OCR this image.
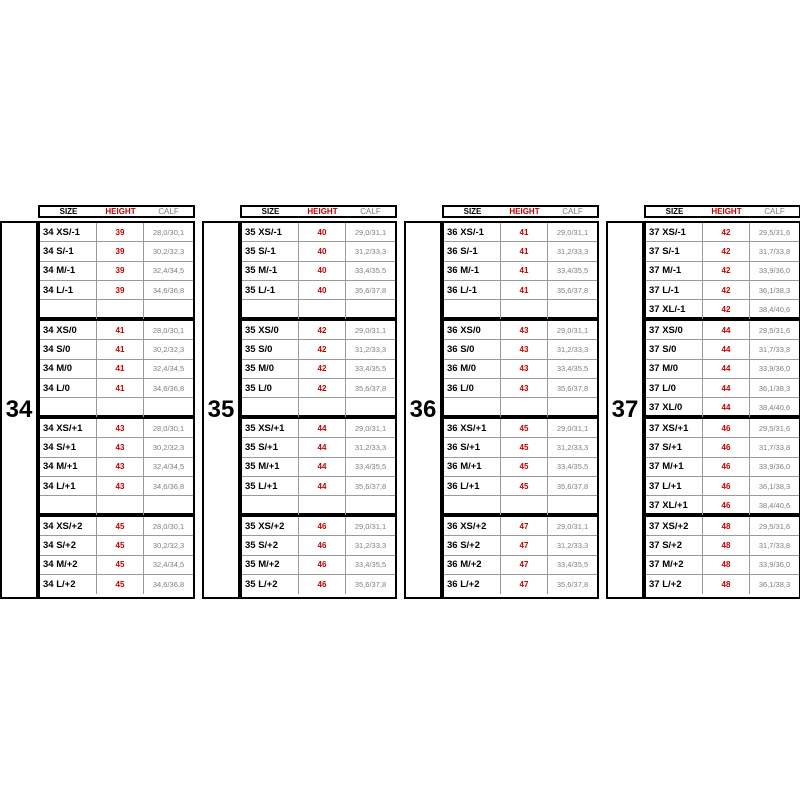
SIZE	HEIGHT	CALF
34
34 XS/-1	39	28,0/30,1
34 S/-1	39	30,2/32,3
34 M/-1	39	32,4/34,5
34 L/-1	39	34,6/36,8
34 XS/0	41	28,0/30,1
34 S/0	41	30,2/32,3
34 M/0	41	32,4/34,5
34 L/0	41	34,6/36,8
34 XS/+1	43	28,0/30,1
34 S/+1	43	30,2/32,3
34 M/+1	43	32,4/34,5
34 L/+1	43	34,6/36,8
34 XS/+2	45	28,0/30,1
34 S/+2	45	30,2/32,3
34 M/+2	45	32,4/34,5
34 L/+2	45	34,6/36,8
SIZE	HEIGHT	CALF
35
35 XS/-1	40	29,0/31,1
35 S/-1	40	31,2/33,3
35 M/-1	40	33,4/35,5
35 L/-1	40	35,6/37,8
35 XS/0	42	29,0/31,1
35 S/0	42	31,2/33,3
35 M/0	42	33,4/35,5
35 L/0	42	35,6/37,8
35 XS/+1	44	29,0/31,1
35 S/+1	44	31,2/33,3
35 M/+1	44	33,4/35,5
35 L/+1	44	35,6/37,8
35 XS/+2	46	29,0/31,1
35 S/+2	46	31,2/33,3
35 M/+2	46	33,4/35,5
35 L/+2	46	35,6/37,8
SIZE	HEIGHT	CALF
36
36 XS/-1	41	29,0/31,1
36 S/-1	41	31,2/33,3
36 M/-1	41	33,4/35,5
36 L/-1	41	35,6/37,8
36 XS/0	43	29,0/31,1
36 S/0	43	31,2/33,3
36 M/0	43	33,4/35,5
36 L/0	43	35,6/37,8
36 XS/+1	45	29,0/31,1
36 S/+1	45	31,2/33,3
36 M/+1	45	33,4/35,5
36 L/+1	45	35,6/37,8
36 XS/+2	47	29,0/31,1
36 S/+2	47	31,2/33,3
36 M/+2	47	33,4/35,5
36 L/+2	47	35,6/37,8
SIZE	HEIGHT	CALF
37
37 XS/-1	42	29,5/31,6
37 S/-1	42	31,7/33,8
37 M/-1	42	33,9/36,0
37 L/-1	42	36,1/38,3
37 XL/-1	42	38,4/40,6
37 XS/0	44	29,5/31,6
37 S/0	44	31,7/33,8
37 M/0	44	33,9/36,0
37 L/0	44	36,1/38,3
37 XL/0	44	38,4/40,6
37 XS/+1	46	29,5/31,6
37 S/+1	46	31,7/33,8
37 M/+1	46	33,9/36,0
37 L/+1	46	36,1/38,3
37 XL/+1	46	38,4/40,6
37 XS/+2	48	29,5/31,6
37 S/+2	48	31,7/33,8
37 M/+2	48	33,9/36,0
37 L/+2	48	36,1/38,3
